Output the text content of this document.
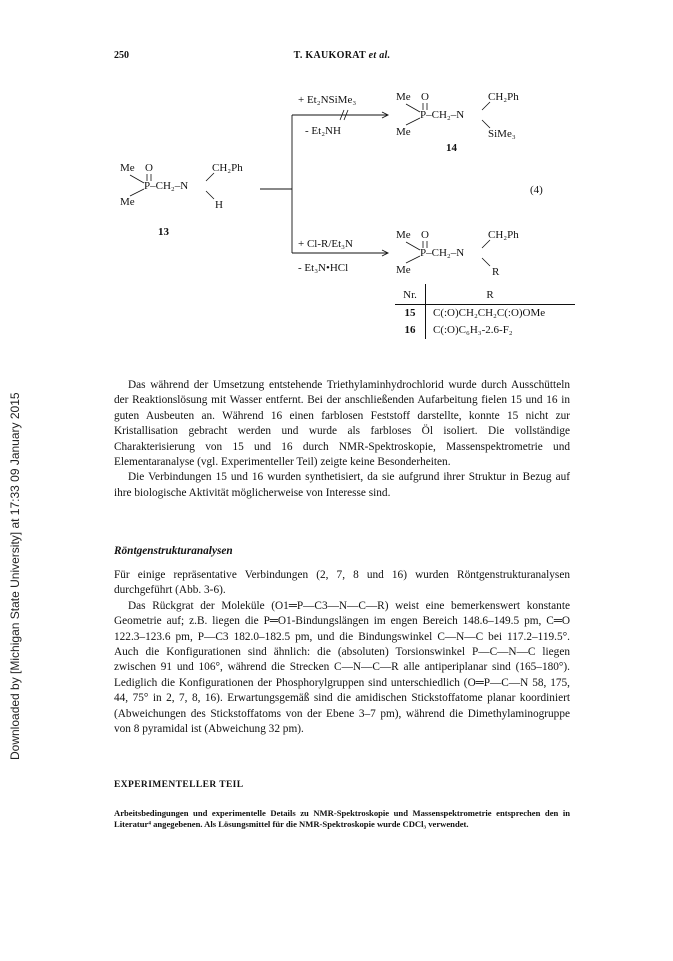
Downloaded by [Michigan State University] at 17:33 09 January 2015
250	T. KAUKORAT et al.
Me O
P–CH₂–N
CH₂Ph
Me	H
13
+ Et₂NSiMe₃
- Et₂NH
+ Cl-R/Et₃N
- Et₃N•HCl
Me O
P–CH₂–N
CH₂Ph
Me	SiMe₃
14
(4)
Me O
P–CH₂–N
CH₂Ph
Me	R
Nr.	R
15	C(:O)CH₂CH₂C(:O)OMe
16	C(:O)C₆H₃-2.6-F₂

Das während der Umsetzung entstehende Triethylaminhydrochlorid wurde durch Ausschütteln der Reaktionslösung mit Wasser entfernt. Bei der anschließenden Aufarbeitung fielen 15 und 16 in guten Ausbeuten an. Während 16 einen farblosen Feststoff darstellte, konnte 15 nicht zur Kristallisation gebracht werden und wurde als farbloses Öl isoliert. Die vollständige Charakterisierung von 15 und 16 durch NMR-Spektroskopie, Massenspektrometrie und Elementaranalyse (vgl. Experimenteller Teil) zeigte keine Besonderheiten.

Die Verbindungen 15 und 16 wurden synthetisiert, da sie aufgrund ihrer Struktur in Bezug auf ihre biologische Aktivität möglicherweise von Interesse sind.

Röntgenstrukturanalysen

Für einige repräsentative Verbindungen (2, 7, 8 und 16) wurden Röntgenstrukturanalysen durchgeführt (Abb. 3-6).

Das Rückgrat der Moleküle (O1═P—C3—N—C—R) weist eine bemerkenswert konstante Geometrie auf; z.B. liegen die P═O1-Bindungslängen im engen Bereich 148.6–149.5 pm, C═O 122.3–123.6 pm, P—C3 182.0–182.5 pm, und die Bindungswinkel C—N—C bei 117.2–119.5°. Auch die Konfigurationen sind ähnlich: die (absoluten) Torsionswinkel P—C—N—C liegen zwischen 91 und 106°, während die Strecken C—N—C—R alle antiperiplanar sind (165–180°). Lediglich die Konfigurationen der Phosphorylgruppen sind unterschiedlich (O═P—C—N 58, 175, 44, 75° in 2, 7, 8, 16). Erwartungsgemäß sind die amidischen Stickstoffatome planar koordiniert (Abweichungen des Stickstoffatoms von der Ebene 3–7 pm), während die Dimethylaminogruppe von 8 pyramidal ist (Abweichung 32 pm).

EXPERIMENTELLER TEIL
Arbeitsbedingungen und experimentelle Details zu NMR-Spektroskopie und Massenspektrometrie entsprechen den in Literatur⁴ angegebenen. Als Lösungsmittel für die NMR-Spektroskopie wurde CDCl₃ verwendet.
